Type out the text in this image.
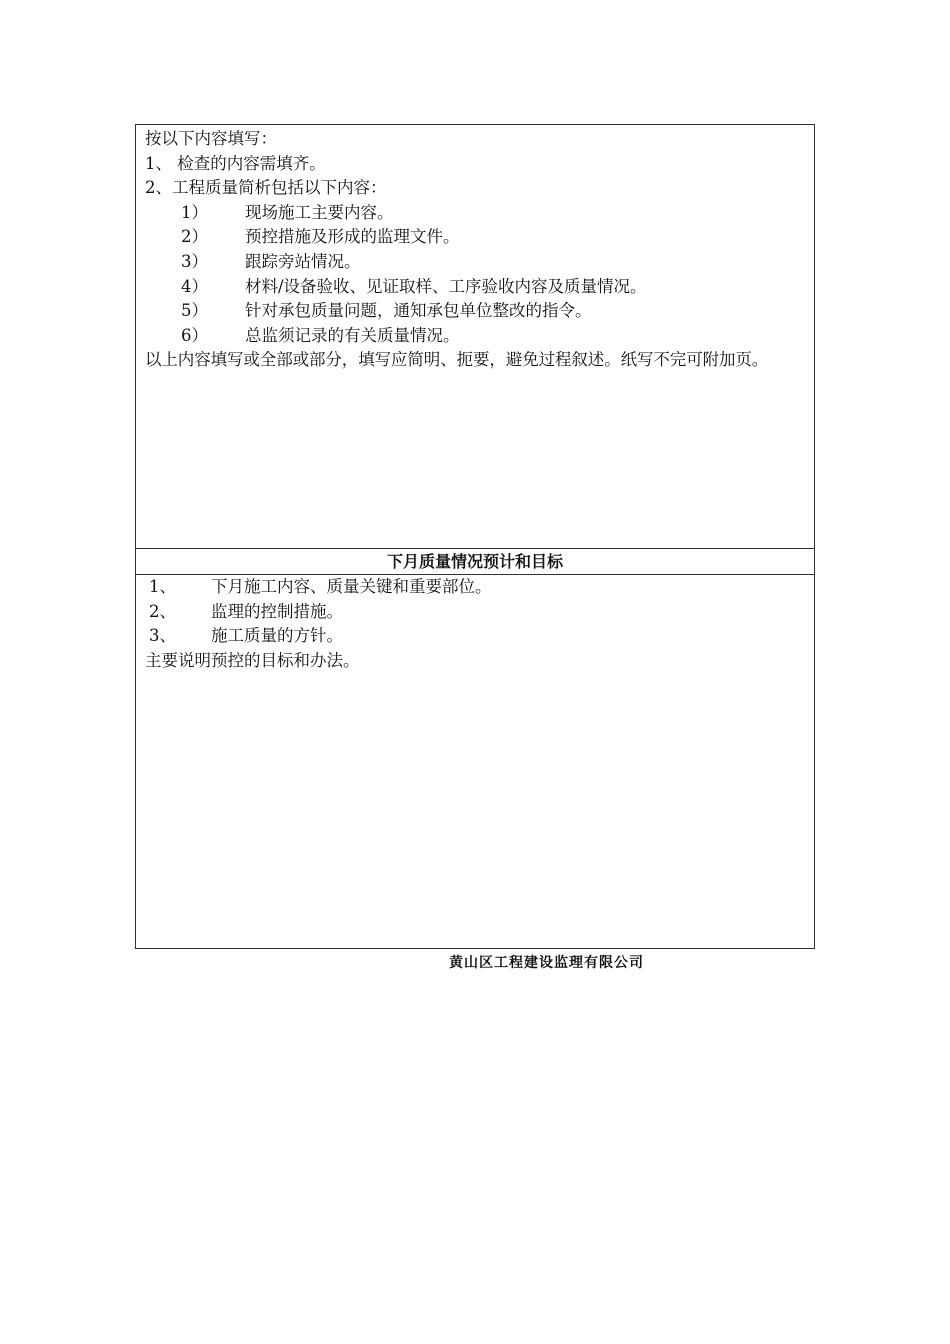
按以下内容填写：
1、 检查的内容需填齐。
2、工程质量简析包括以下内容：
1） 现场施工主要内容。
2） 预控措施及形成的监理文件。
3） 跟踪旁站情况。
4） 材料/设备验收、见证取样、工序验收内容及质量情况。
5） 针对承包质量问题，通知承包单位整改的指令。
6） 总监须记录的有关质量情况。
以上内容填写或全部或部分，填写应简明、扼要，避免过程叙述。纸写不完可附加页。
下月质量情况预计和目标
1、 下月施工内容、质量关键和重要部位。
2、 监理的控制措施。
3、 施工质量的方针。
主要说明预控的目标和办法。
黄山区工程建设监理有限公司
